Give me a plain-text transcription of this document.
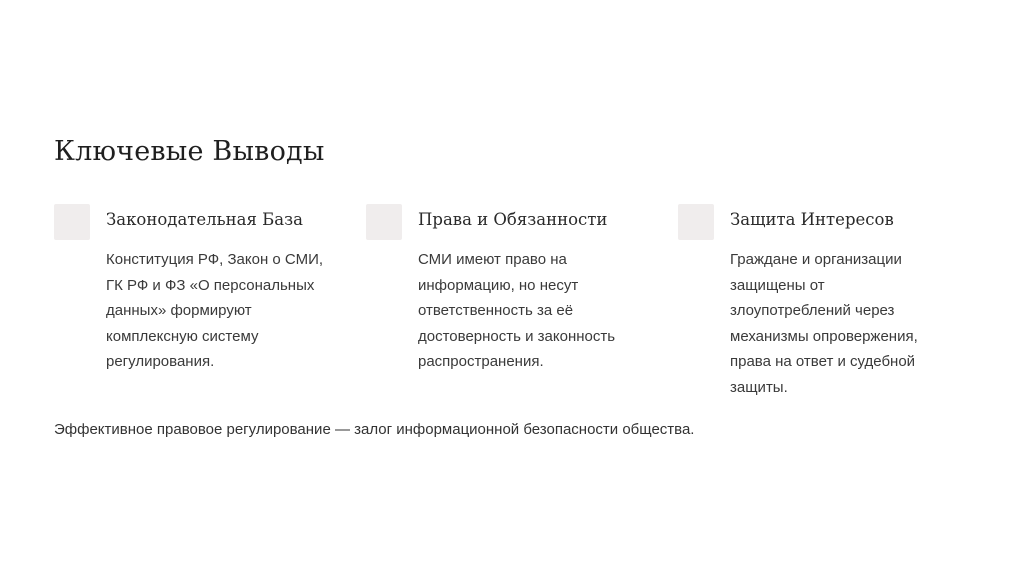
Ключевые Выводы
Законодательная База
Конституция РФ, Закон о СМИ,
ГК РФ и ФЗ «О персональных
данных» формируют
комплексную систему
регулирования.
Права и Обязанности
СМИ имеют право на
информацию, но несут
ответственность за её
достоверность и законность
распространения.
Защита Интересов
Граждане и организации
защищены от
злоупотреблений через
механизмы опровержения,
права на ответ и судебной
защиты.
Эффективное правовое регулирование — залог информационной безопасности общества.
